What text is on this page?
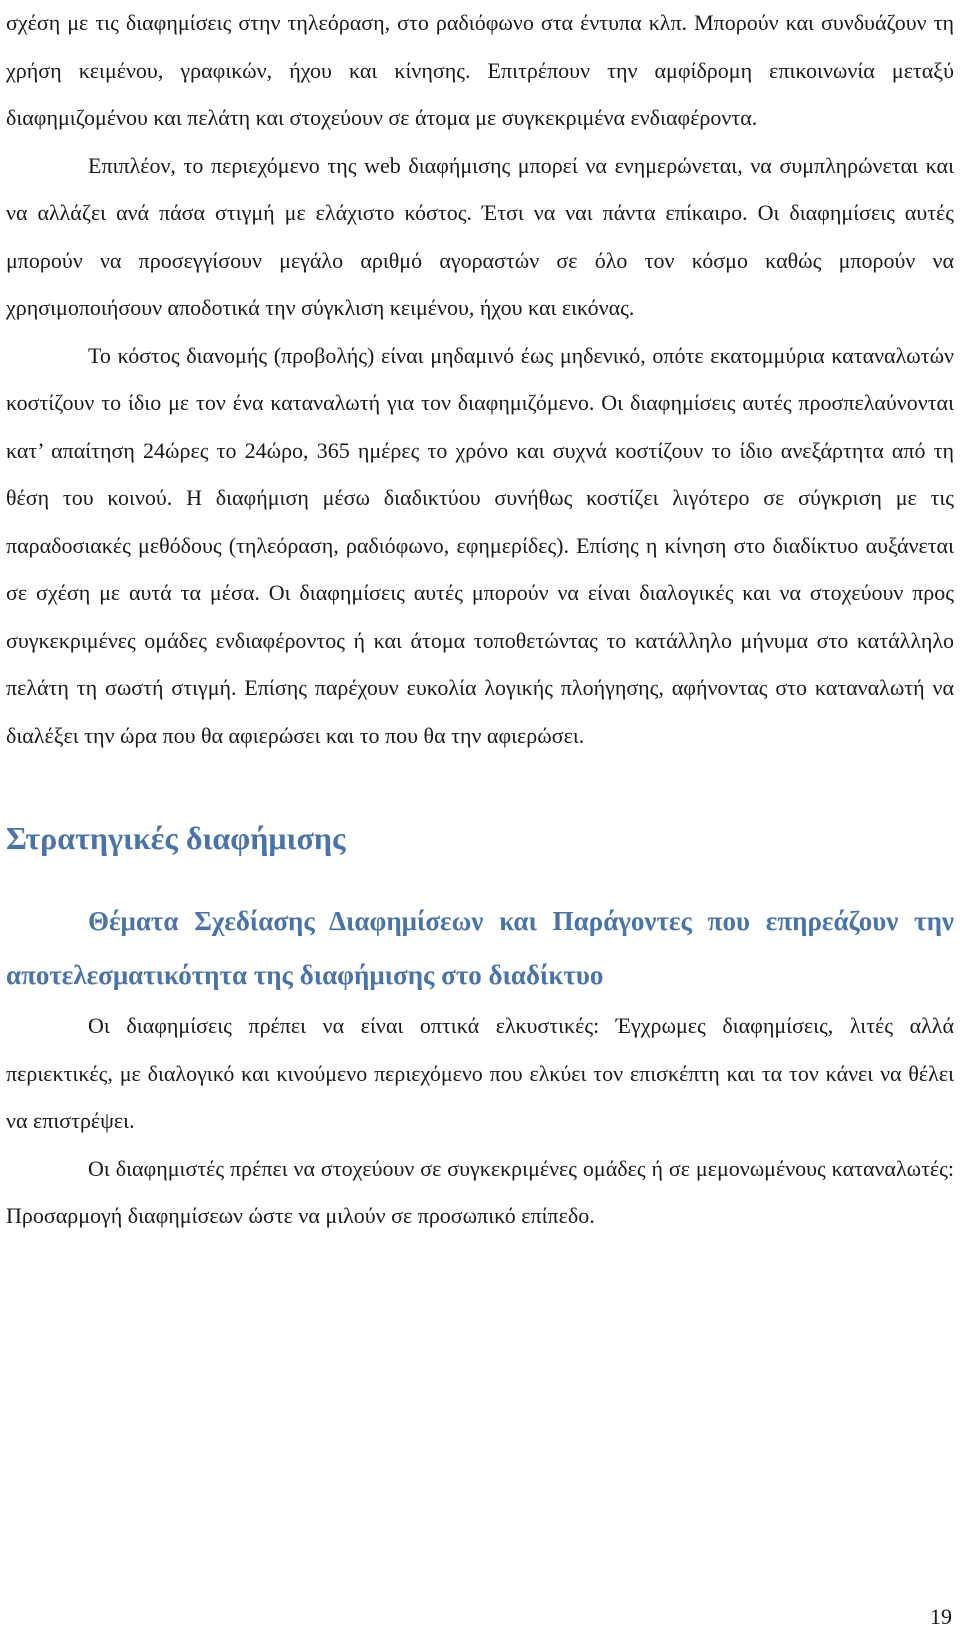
σχέση με τις διαφημίσεις στην τηλεόραση, στο ραδιόφωνο στα έντυπα κλπ. Μπορούν και συνδυάζουν τη χρήση κειμένου, γραφικών, ήχου και κίνησης. Επιτρέπουν την αμφίδρομη επικοινωνία μεταξύ διαφημιζομένου και πελάτη και στοχεύουν σε άτομα με συγκεκριμένα ενδιαφέροντα.

Επιπλέον, το περιεχόμενο της web διαφήμισης μπορεί να ενημερώνεται, να συμπληρώνεται και να αλλάζει ανά πάσα στιγμή με ελάχιστο κόστος. Έτσι να ναι πάντα επίκαιρο. Οι διαφημίσεις αυτές μπορούν να προσεγγίσουν μεγάλο αριθμό αγοραστών σε όλο τον κόσμο καθώς μπορούν να χρησιμοποιήσουν αποδοτικά την σύγκλιση κειμένου, ήχου και εικόνας.

Το κόστος διανομής (προβολής) είναι μηδαμινό έως μηδενικό, οπότε εκατομμύρια καταναλωτών κοστίζουν το ίδιο με τον ένα καταναλωτή για τον διαφημιζόμενο. Οι διαφημίσεις αυτές προσπελαύνονται κατ’ απαίτηση 24ώρες το 24ώρο, 365 ημέρες το χρόνο και συχνά κοστίζουν το ίδιο ανεξάρτητα από τη θέση του κοινού. Η διαφήμιση μέσω διαδικτύου συνήθως κοστίζει λιγότερο σε σύγκριση με τις παραδοσιακές μεθόδους (τηλεόραση, ραδιόφωνο, εφημερίδες). Επίσης η κίνηση στο διαδίκτυο αυξάνεται σε σχέση με αυτά τα μέσα. Οι διαφημίσεις αυτές μπορούν να είναι διαλογικές και να στοχεύουν προς συγκεκριμένες ομάδες ενδιαφέροντος ή και άτομα τοποθετώντας το κατάλληλο μήνυμα στο κατάλληλο πελάτη τη σωστή στιγμή. Επίσης παρέχουν ευκολία λογικής πλοήγησης, αφήνοντας στο καταναλωτή να διαλέξει την ώρα που θα αφιερώσει και το που θα την αφιερώσει.

Στρατηγικές διαφήμισης
Θέματα Σχεδίασης Διαφημίσεων και Παράγοντες που επηρεάζουν την αποτελεσματικότητα της διαφήμισης στο διαδίκτυο

Οι διαφημίσεις πρέπει να είναι οπτικά ελκυστικές: Έγχρωμες διαφημίσεις, λιτές αλλά περιεκτικές, με διαλογικό και κινούμενο περιεχόμενο που ελκύει τον επισκέπτη και τα τον κάνει να θέλει να επιστρέψει.

Οι διαφημιστές πρέπει να στοχεύουν σε συγκεκριμένες ομάδες ή σε μεμονωμένους καταναλωτές: Προσαρμογή διαφημίσεων ώστε να μιλούν σε προσωπικό επίπεδο.

19
